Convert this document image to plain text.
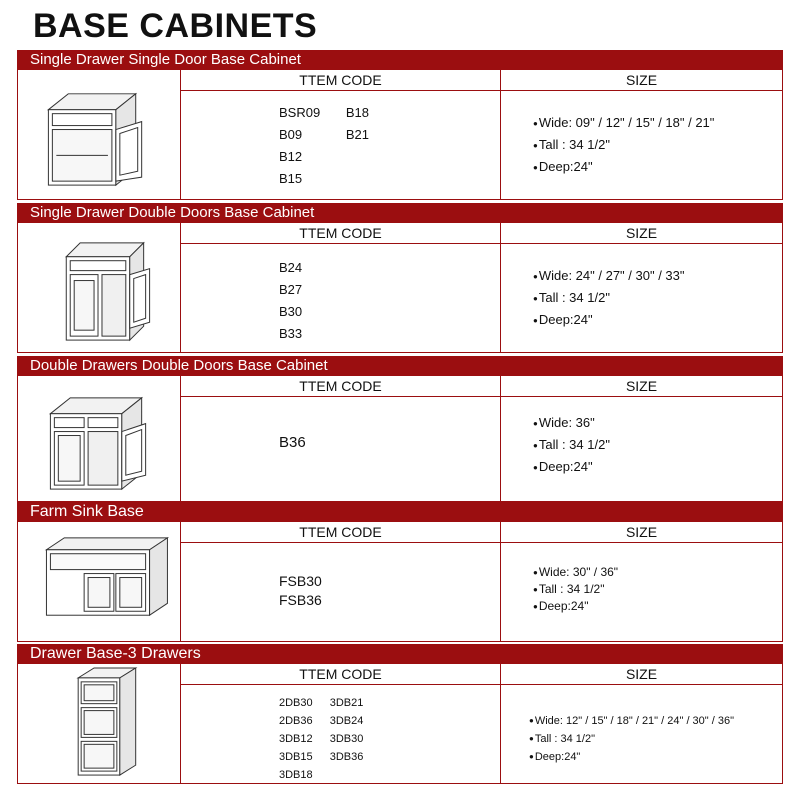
BASE CABINETS
Single Drawer Single Door Base Cabinet
TTEM CODE
BSR09
B09
B12
B15

B18
B21
SIZE
● Wide: 09" / 12" / 15" / 18" / 21"
● Tall : 34 1/2"
● Deep:24"
Single Drawer Double Doors Base Cabinet
TTEM CODE
B24
B27
B30
B33
SIZE
● Wide: 24" / 27" / 30" / 33"
● Tall : 34 1/2"
● Deep:24"
Double Drawers Double Doors Base Cabinet
TTEM CODE
B36
SIZE
● Wide: 36"
● Tall : 34 1/2"
● Deep:24"
Farm Sink Base
TTEM CODE
FSB30
FSB36
SIZE
● Wide: 30" / 36"
● Tall : 34 1/2"
● Deep:24"
Drawer Base-3 Drawers
TTEM CODE
2DB30
2DB36
3DB12
3DB15
3DB18

3DB21
3DB24
3DB30
3DB36
SIZE
● Wide: 12" / 15" / 18" / 21" / 24" / 30" / 36"
● Tall : 34 1/2"
● Deep:24"
